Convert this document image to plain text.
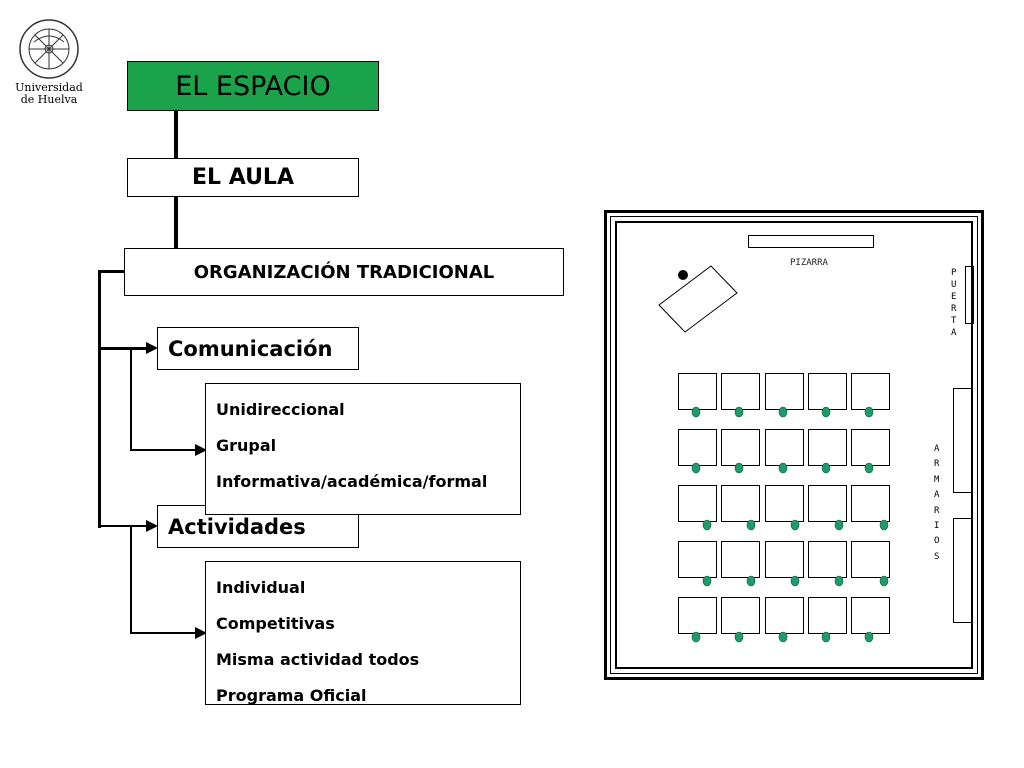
Universidad
de Huelva	EL ESPACIO
EL AULA
ORGANIZACIÓN TRADICIONAL
Comunicación
Actividades
Unidireccional
Grupal
Informativa/académica/formal
Individual
Competitivas
Misma actividad todos
Programa Oficial
PIZARRA
P
U
E
R
T
A
A
R
M
A
R
I
O
S
